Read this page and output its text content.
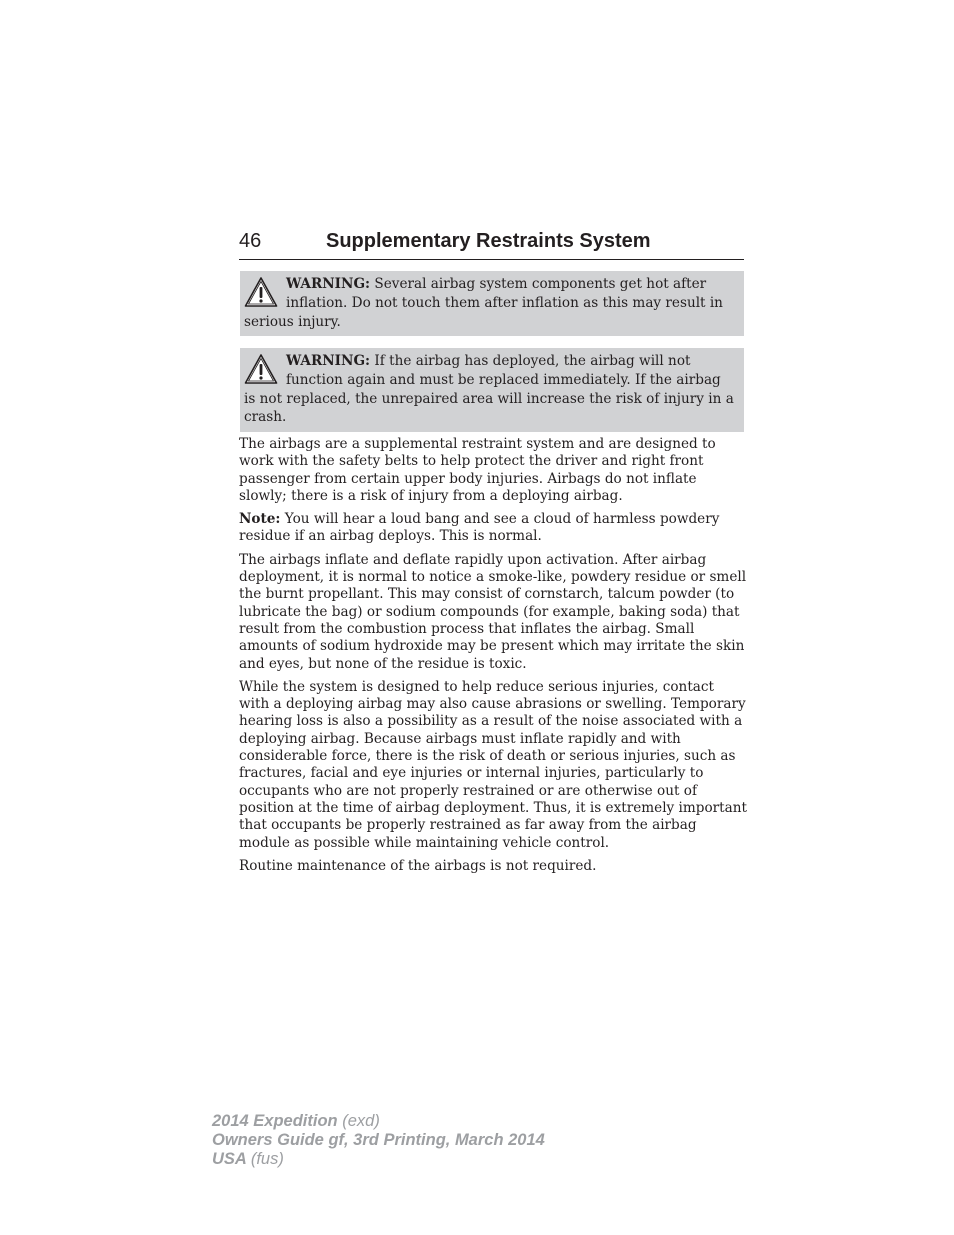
46	Supplementary Restraints System
WARNING: Several airbag system components get hot after inflation. Do not touch them after inflation as this may result in serious injury.
WARNING: If the airbag has deployed, the airbag will not function again and must be replaced immediately. If the airbag is not replaced, the unrepaired area will increase the risk of injury in a crash.

The airbags are a supplemental restraint system and are designed to work with the safety belts to help protect the driver and right front passenger from certain upper body injuries. Airbags do not inflate slowly; there is a risk of injury from a deploying airbag.

Note: You will hear a loud bang and see a cloud of harmless powdery residue if an airbag deploys. This is normal.

The airbags inflate and deflate rapidly upon activation. After airbag deployment, it is normal to notice a smoke-like, powdery residue or smell the burnt propellant. This may consist of cornstarch, talcum powder (to lubricate the bag) or sodium compounds (for example, baking soda) that result from the combustion process that inflates the airbag. Small amounts of sodium hydroxide may be present which may irritate the skin and eyes, but none of the residue is toxic.

While the system is designed to help reduce serious injuries, contact with a deploying airbag may also cause abrasions or swelling. Temporary hearing loss is also a possibility as a result of the noise associated with a deploying airbag. Because airbags must inflate rapidly and with considerable force, there is the risk of death or serious injuries, such as fractures, facial and eye injuries or internal injuries, particularly to occupants who are not properly restrained or are otherwise out of position at the time of airbag deployment. Thus, it is extremely important that occupants be properly restrained as far away from the airbag module as possible while maintaining vehicle control.

Routine maintenance of the airbags is not required.

2014 Expedition (exd)
Owners Guide gf, 3rd Printing, March 2014
USA (fus)
